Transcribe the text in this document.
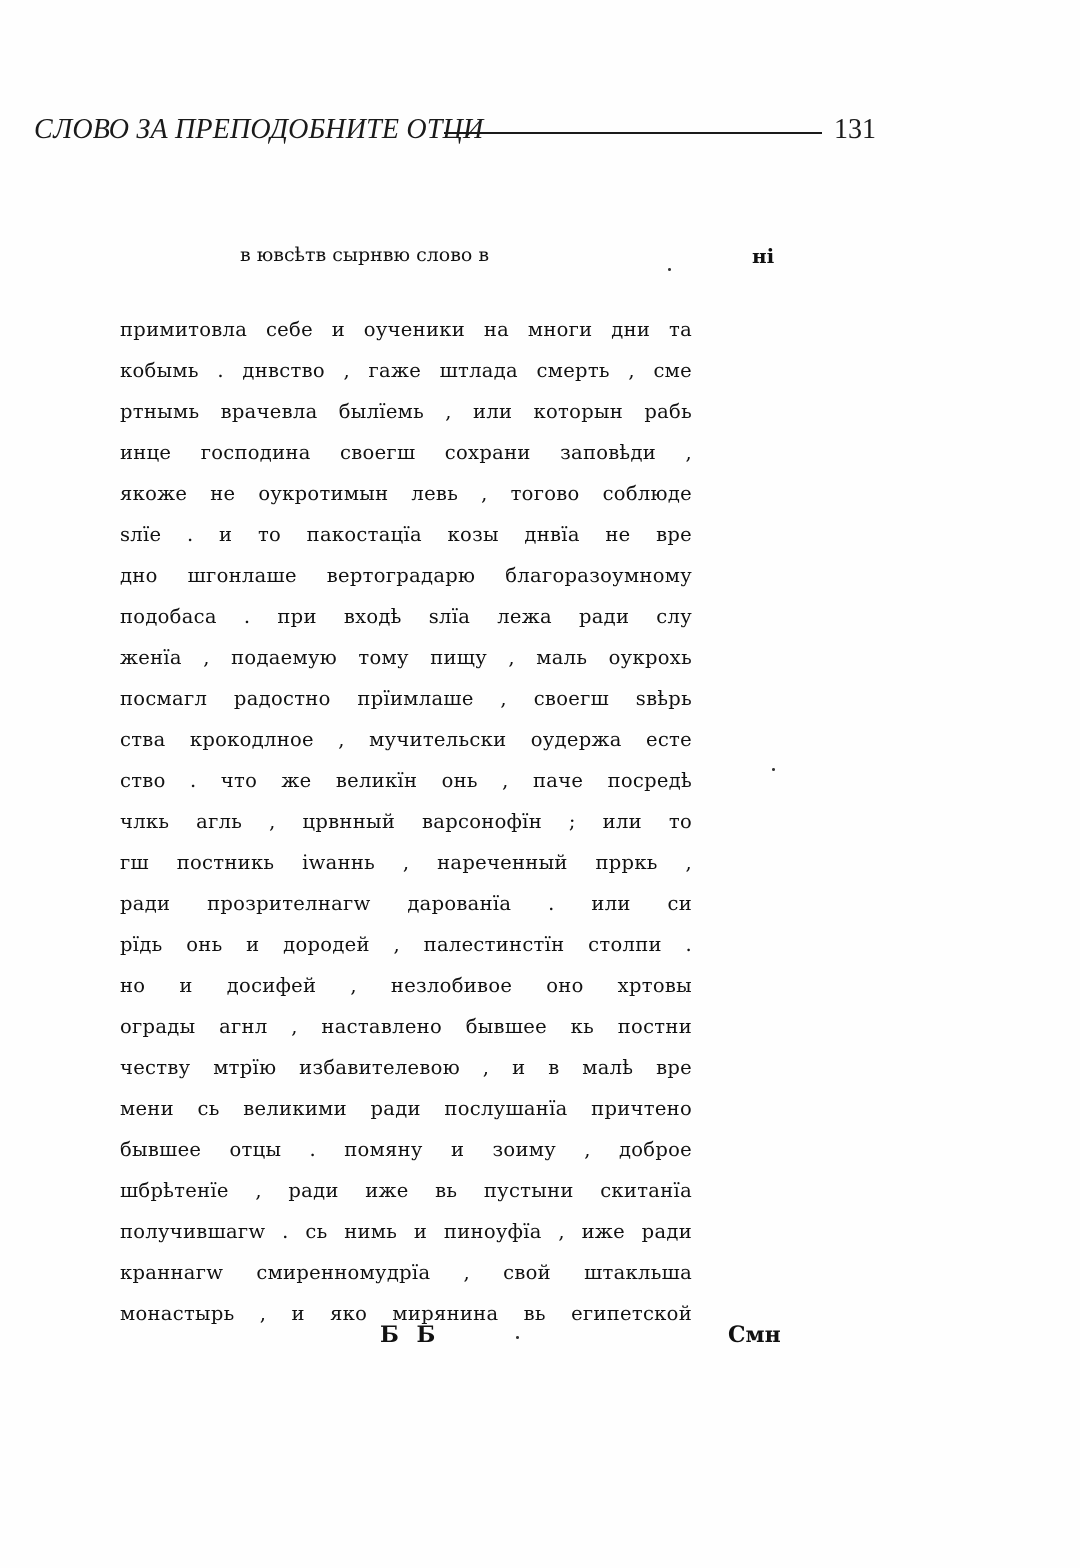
СЛОВО ЗА ПРЕПОДОБНИТЕ ОТЦИ	131
в ювсҍтв сырнвю слово в	ні
примитовла себе и оученики на многи дни та
кобымь . днвство , гаже штлада смерть , сме
ртнымь врачевла былїемь , или которын рабь
инце господина своегш сохрани заповҍди ,
якоже не оукротимын левь , тогово соблюде
ѕлїе . и то пакостацїа козы днвїа не вре
дно шгонлаше вертоградарю благоразоумному
подобаса . при входҍ ѕлїа лежа ради слу
женїа , подаемую тому пищу , маль оукрохь
посмагл радостно прїимлаше , своегш ѕвҍрь
ства крокодлное , мучительски оудержа есте
ство . что же великїн онь , паче посредҍ
члкь агль , црвнный варсонофїн ; или то
гш постникь іwаннь , нареченный прркь ,
ради прозрителнагw дарованїа . или си
рїдь онь и дородей , палестинстїн столпи .
но и досифей , незлобивое оно хртовы
ограды агнл , наставлено бывшее кь постни
честву мтрїю избавителевою , и в малҍ вре
мени сь великими ради послушанїа причтено
бывшее отцы . помяну и зоиму , доброе
шбрҍтенїе , ради иже вь пустыни скитанїа
получившагw . сь нимь и пиноуфїа , иже ради
краннагw смиренномудрїа , свой штакльша
монастырь , и яко мирянина вь египетской
Б Б	Смн
